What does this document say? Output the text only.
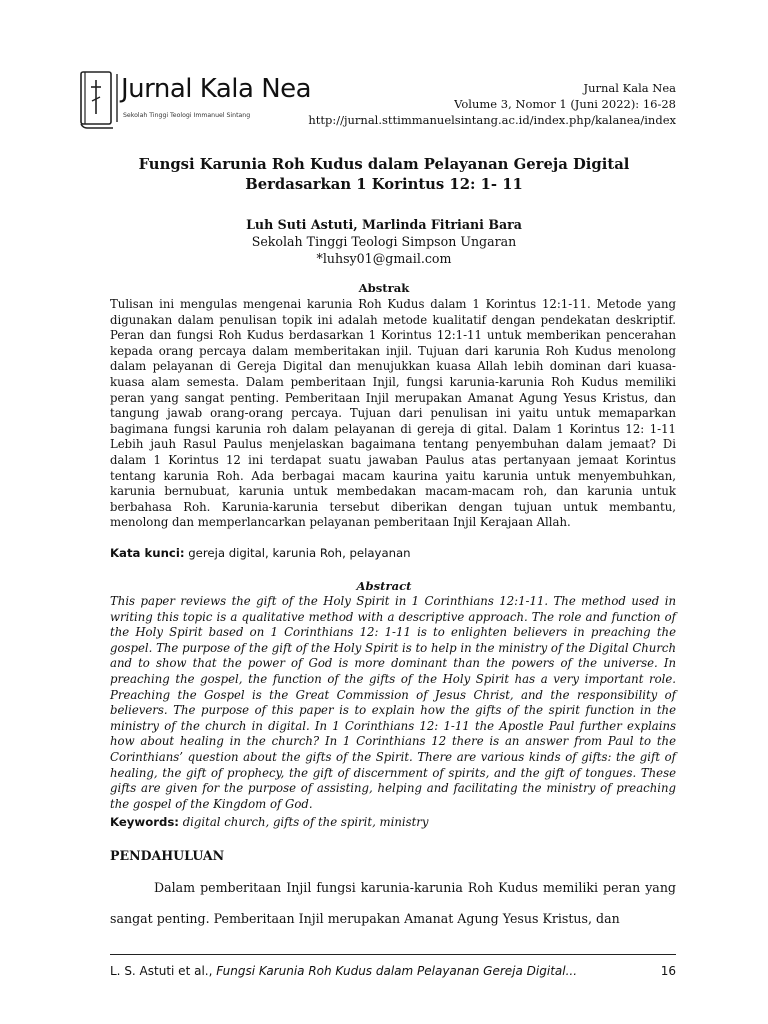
Jurnal Kala Nea
Sekolah Tinggi Teologi Immanuel Sintang
Jurnal Kala Nea
Volume 3, Nomor 1 (Juni 2022): 16-28
http://jurnal.sttimmanuelsintang.ac.id/index.php/kalanea/index
Fungsi Karunia Roh Kudus dalam Pelayanan Gereja Digital
Berdasarkan 1 Korintus 12: 1- 11
Luh Suti Astuti, Marlinda Fitriani Bara
Sekolah Tinggi Teologi Simpson Ungaran
*luhsy01@gmail.com
Abstrak
Tulisan ini mengulas mengenai karunia Roh Kudus dalam 1 Korintus 12:1-11. Metode yang digunakan dalam penulisan topik ini adalah metode kualitatif dengan pendekatan deskriptif. Peran dan fungsi Roh Kudus berdasarkan 1 Korintus 12:1-11 untuk memberikan pencerahan kepada orang percaya dalam memberitakan injil. Tujuan dari karunia Roh Kudus menolong dalam pelayanan di Gereja Digital dan menujukkan kuasa Allah lebih dominan dari kuasa-kuasa alam semesta. Dalam pemberitaan Injil, fungsi karunia-karunia Roh Kudus memiliki peran yang sangat penting. Pemberitaan Injil merupakan Amanat Agung Yesus Kristus, dan tangung jawab orang-orang percaya. Tujuan dari penulisan ini yaitu untuk memaparkan bagimana fungsi karunia roh dalam pelayanan di gereja di gital. Dalam 1 Korintus 12: 1-11 Lebih jauh Rasul Paulus menjelaskan bagaimana tentang penyembuhan dalam jemaat? Di dalam 1 Korintus 12 ini terdapat suatu jawaban Paulus atas pertanyaan jemaat Korintus tentang karunia Roh. Ada berbagai macam kaurina yaitu karunia untuk menyembuhkan, karunia bernubuat, karunia untuk membedakan macam-macam roh, dan karunia untuk berbahasa Roh. Karunia-karunia tersebut diberikan dengan tujuan untuk membantu, menolong dan memperlancarkan pelayanan pemberitaan Injil Kerajaan Allah.
Kata kunci: gereja digital, karunia Roh, pelayanan
Abstract
This paper reviews the gift of the Holy Spirit in 1 Corinthians 12:1-11. The method used in writing this topic is a qualitative method with a descriptive approach. The role and function of the Holy Spirit based on 1 Corinthians 12: 1-11 is to enlighten believers in preaching the gospel. The purpose of the gift of the Holy Spirit is to help in the ministry of the Digital Church and to show that the power of God is more dominant than the powers of the universe. In preaching the gospel, the function of the gifts of the Holy Spirit has a very important role. Preaching the Gospel is the Great Commission of Jesus Christ, and the responsibility of believers. The purpose of this paper is to explain how the gifts of the spirit function in the ministry of the church in digital. In 1 Corinthians 12: 1-11 the Apostle Paul further explains how about healing in the church? In 1 Corinthians 12 there is an answer from Paul to the Corinthians’ question about the gifts of the Spirit. There are various kinds of gifts: the gift of healing, the gift of prophecy, the gift of discernment of spirits, and the gift of tongues. These gifts are given for the purpose of assisting, helping and facilitating the ministry of preaching the gospel of the Kingdom of God.
Keywords: digital church, gifts of the spirit, ministry
PENDAHULUAN
Dalam pemberitaan Injil fungsi karunia-karunia Roh Kudus memiliki peran yang sangat penting. Pemberitaan Injil merupakan Amanat Agung Yesus Kristus, dan
L. S. Astuti et al., Fungsi Karunia Roh Kudus dalam Pelayanan Gereja Digital...	16
